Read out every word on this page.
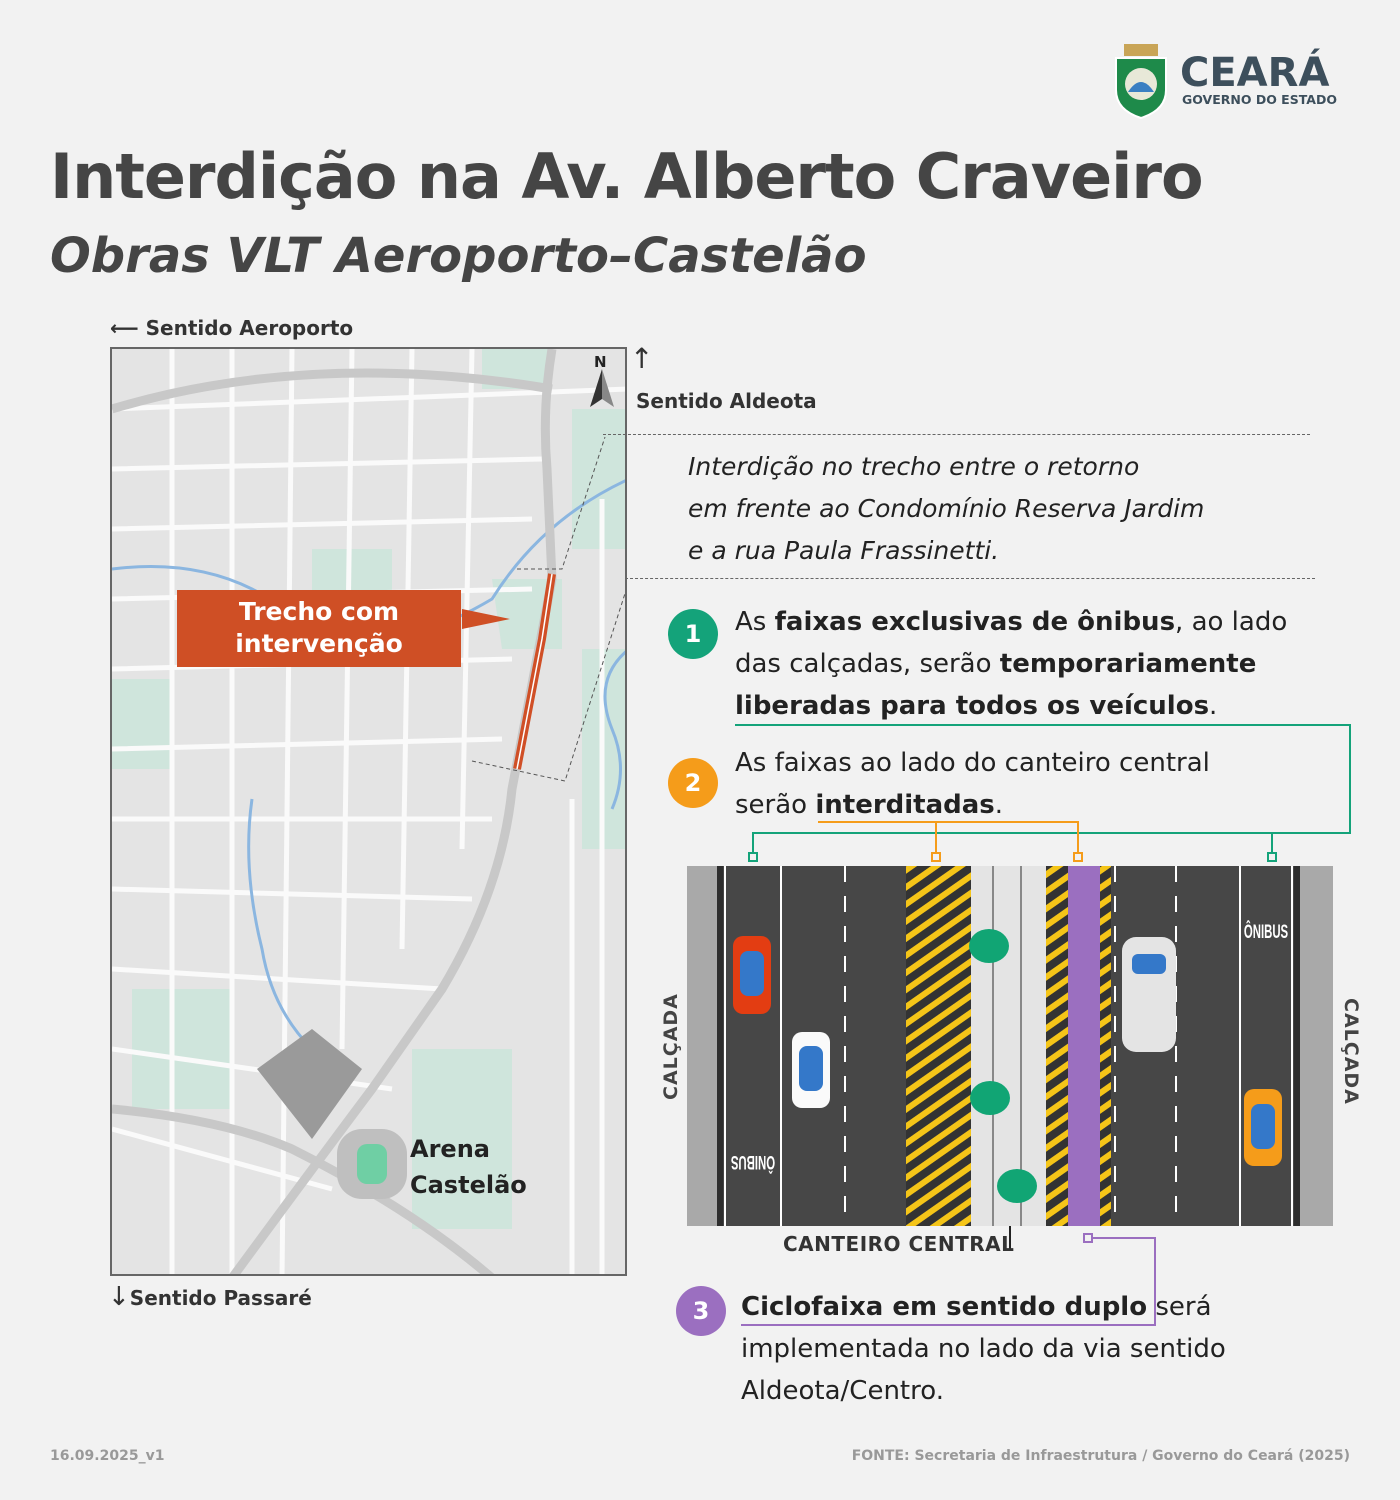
CEARÁ
GOVERNO DO ESTADO
Interdição na Av. Alberto Craveiro
Obras VLT Aeroporto–Castelão
⟵ Sentido Aeroporto
↑
Sentido Aldeota
↓Sentido Passaré
N
Arena
Castelão
Trecho com
intervenção
Interdição no trecho entre o retorno
em frente ao Condomínio Reserva Jardim
e a rua Paula Frassinetti.
1	As faixas exclusivas de ônibus, ao lado
das calçadas, serão temporariamente
liberadas para todos os veículos.
2
As faixas ao lado do canteiro central
serão interditadas.
ÔNIBUS
ÔNIBUS
CALÇADA	CALÇADA
CANTEIRO CENTRAL
3	Ciclofaixa em sentido duplo será
implementada no lado da via sentido
Aldeota/Centro.
16.09.2025_v1	FONTE: Secretaria de Infraestrutura / Governo do Ceará (2025)
